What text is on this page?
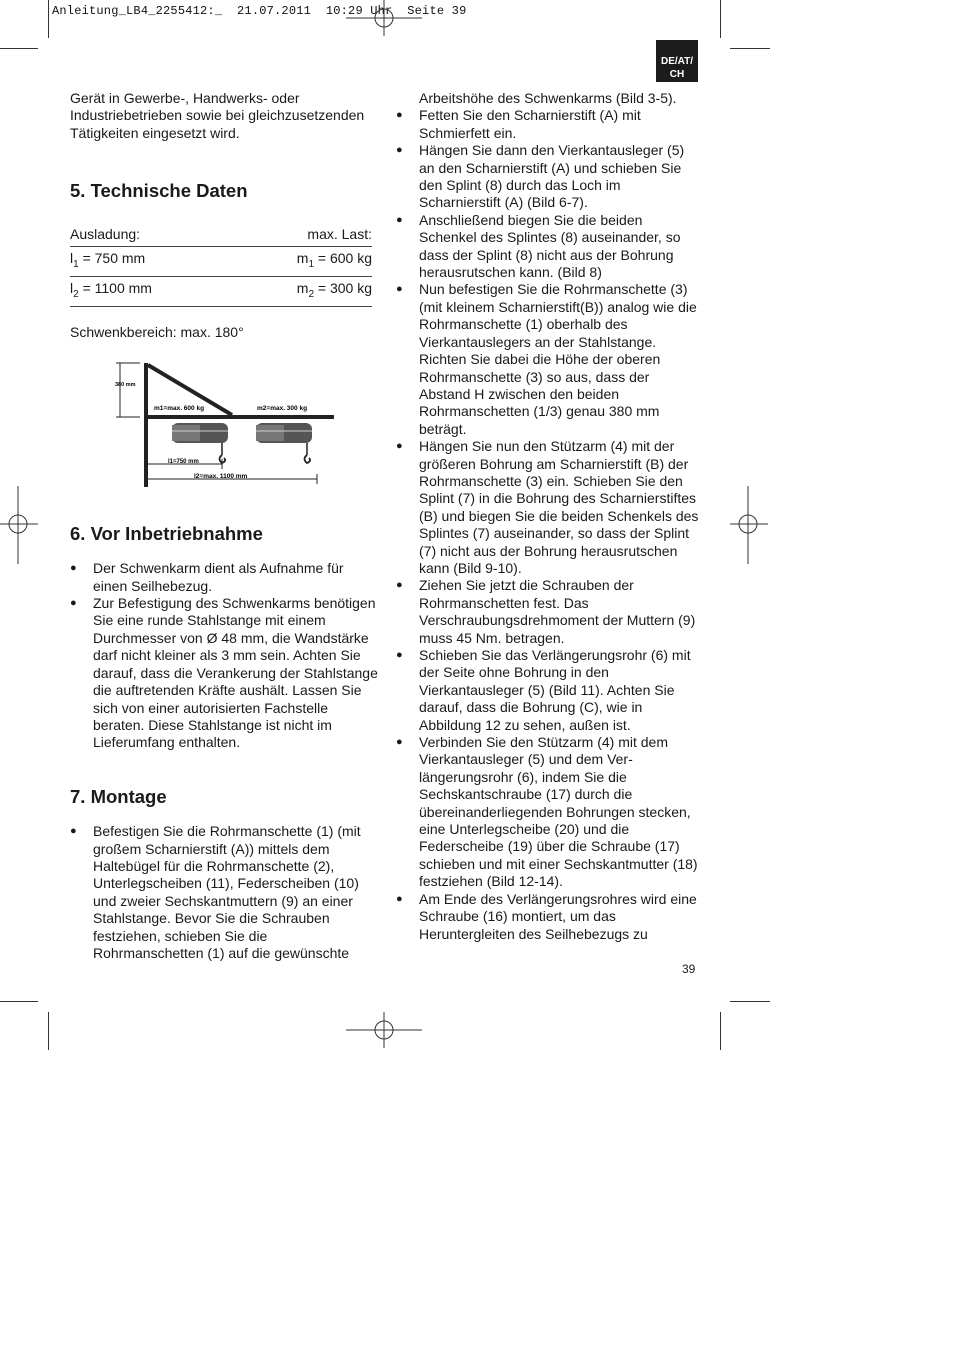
Anleitung_LB4_2255412:_  21.07.2011  10:29 Uhr  Seite 39
DE/AT/
CH

Gerät in Gewerbe-, Handwerks- oder Industriebetrieben sowie bei gleichzusetzenden Tätigkeiten eingesetzt wird.

5. Technische Daten
Ausladung:	max. Last:
$l_1 = 750$ mm	$m_1 = 600$ kg
$l_2 = 1100$ mm	$m_2 = 300$ kg

Schwenkbereich: max. 180°

380 mm
m1=max. 600 kg	m2=max. 300 kg
l1=750 mm
l2=max. 1100 mm
6. Vor Inbetriebnahme
● Der Schwenkarm dient als Aufnahme für einen Seilhebezug.
● Zur Befestigung des Schwenkarms benötigen Sie eine runde Stahlstange mit einem Durchmesser von Ø 48 mm, die Wandstärke darf nicht kleiner als 3 mm sein. Achten Sie darauf, dass die Verankerung der Stahlstange die auftretenden Kräfte aushält. Lassen Sie sich von einer autorisierten Fachstelle beraten. Diese Stahlstange ist nicht im Lieferumfang enthalten.
7. Montage
● Befestigen Sie die Rohrmanschette (1) (mit großem Scharnierstift (A)) mittels dem Haltebügel für die Rohrmanschette (2), Unterlegscheiben (11), Federscheiben (10) und zweier Sechskantmuttern (9) an einer Stahlstange. Bevor Sie die Schrauben festziehen, schieben Sie die Rohrmanschetten (1) auf die gewünschte

Arbeitshöhe des Schwenkarms (Bild 3-5).

● Fetten Sie den Scharnierstift (A) mit Schmierfett ein.
● Hängen Sie dann den Vierkantausleger (5) an den Scharnierstift (A) und schieben Sie den Splint (8) durch das Loch im Scharnierstift (A) (Bild 6-7).
● Anschließend biegen Sie die beiden Schenkel des Splintes (8) auseinander, so dass der Splint (8) nicht aus der Bohrung herausrutschen kann. (Bild 8)
● Nun befestigen Sie die Rohrmanschette (3) (mit kleinem Scharnierstift(B)) analog wie die Rohrmanschette (1) oberhalb des Vierkantauslegers an der Stahlstange. Richten Sie dabei die Höhe der oberen Rohrmanschette (3) so aus, dass der Abstand H zwischen den beiden Rohrmanschetten (1/3) genau 380 mm beträgt.
● Hängen Sie nun den Stützarm (4) mit der größeren Bohrung am Scharnierstift (B) der Rohrmanschette (3) ein. Schieben Sie den Splint (7) in die Bohrung des Scharnierstiftes (B) und biegen Sie die beiden Schenkels des Splintes (7) auseinander, so dass der Splint (7) nicht aus der Bohrung herausrutschen kann (Bild 9-10).
● Ziehen Sie jetzt die Schrauben der Rohrmanschetten fest. Das Verschraubungsdrehmoment der Muttern (9) muss 45 Nm. betragen.
● Schieben Sie das Verlängerungsrohr (6) mit der Seite ohne Bohrung in den Vierkantausleger (5) (Bild 11). Achten Sie darauf, dass die Bohrung (C), wie in Abbildung 12 zu sehen, außen ist.
● Verbinden Sie den Stützarm (4) mit dem Vierkantausleger (5) und dem Ver-längerungsrohr (6), indem Sie die Sechskantschraube (17) durch die übereinanderliegenden Bohrungen stecken, eine Unterlegscheibe (20) und die Federscheibe (19) über die Schraube (17) schieben und mit einer Sechskantmutter (18) festziehen (Bild 12-14).
● Am Ende des Verlängerungsrohres wird eine Schraube (16) montiert, um das Heruntergleiten des Seilhebezugs zu
39
